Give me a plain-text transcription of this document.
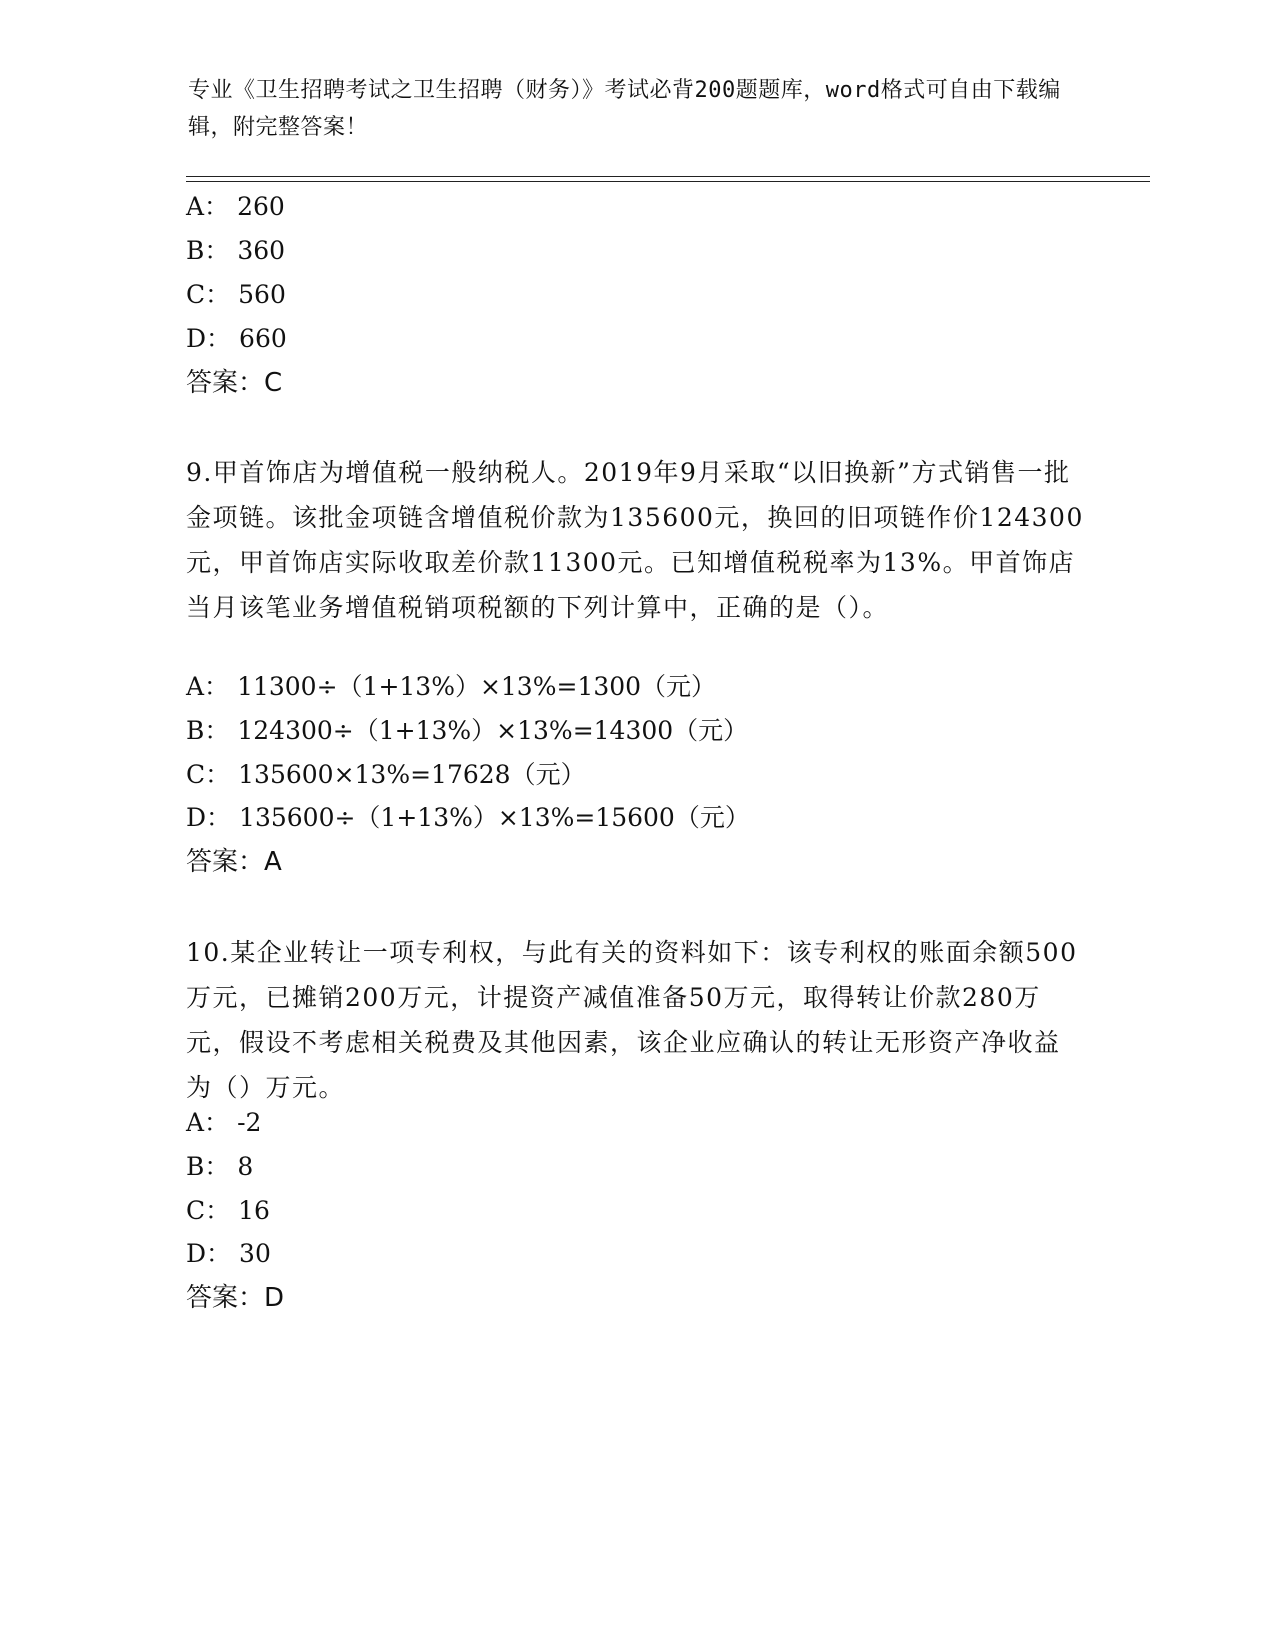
专业《卫生招聘考试之卫生招聘（财务）》考试必背200题题库，word格式可自由下载编辑，附完整答案！
A： 260
B： 360
C： 560
D： 660
答案：C
9.甲首饰店为增值税一般纳税人。2019年9月采取“以旧换新”方式销售一批金项链。该批金项链含增值税价款为135600元，换回的旧项链作价124300元，甲首饰店实际收取差价款11300元。已知增值税税率为13%。甲首饰店当月该笔业务增值税销项税额的下列计算中，正确的是（）。
A： 11300÷（1+13%）×13%=1300（元）
B： 124300÷（1+13%）×13%=14300（元）
C： 135600×13%=17628（元）
D： 135600÷（1+13%）×13%=15600（元）
答案：A
10.某企业转让一项专利权，与此有关的资料如下：该专利权的账面余额500万元，已摊销200万元，计提资产减值准备50万元，取得转让价款280万元，假设不考虑相关税费及其他因素，该企业应确认的转让无形资产净收益为（）万元。
A： -2
B： 8
C： 16
D： 30
答案：D
